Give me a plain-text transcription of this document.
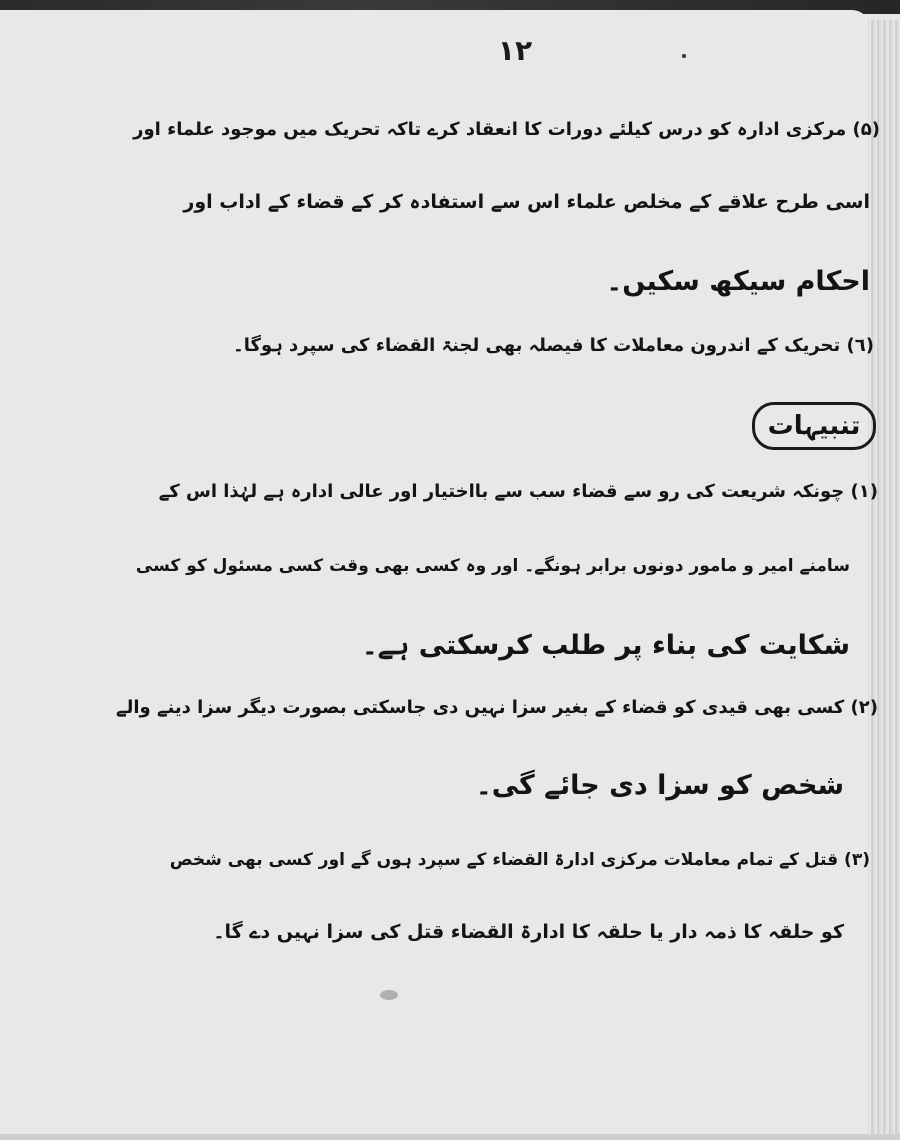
۱۲
(۵) مرکزی ادارہ کو درس کیلئے دورات کا انعقاد کرے تاکہ تحریک میں موجود علماء اور
اسی طرح علاقے کے مخلص علماء اس سے استفادہ کر کے قضاء کے اداب اور
احکام سیکھ سکیں۔
(٦) تحریک کے اندرون معاملات کا فیصلہ بھی لجنۃ القضاء کی سپرد ہوگا۔
تنبیہات
(۱) چونکہ شریعت کی رو سے قضاء سب سے بااختیار اور عالی ادارہ ہے لہٰذا اس کے
سامنے امیر و مامور دونوں برابر ہونگے۔ اور وہ کسی بھی وقت کسی مسئول کو کسی
شکایت کی بناء پر طلب کرسکتی ہے۔
(۲) کسی بھی قیدی کو قضاء کے بغیر سزا نہیں دی جاسکتی بصورت دیگر سزا دینے والے
شخص کو سزا دی جائے گی۔
(۳) قتل کے تمام معاملات مرکزی ادارۃ القضاء کے سپرد ہوں گے اور کسی بھی شخص
کو حلقہ کا ذمہ دار یا حلقہ کا ادارۃ القضاء قتل کی سزا نہیں دے گا۔
